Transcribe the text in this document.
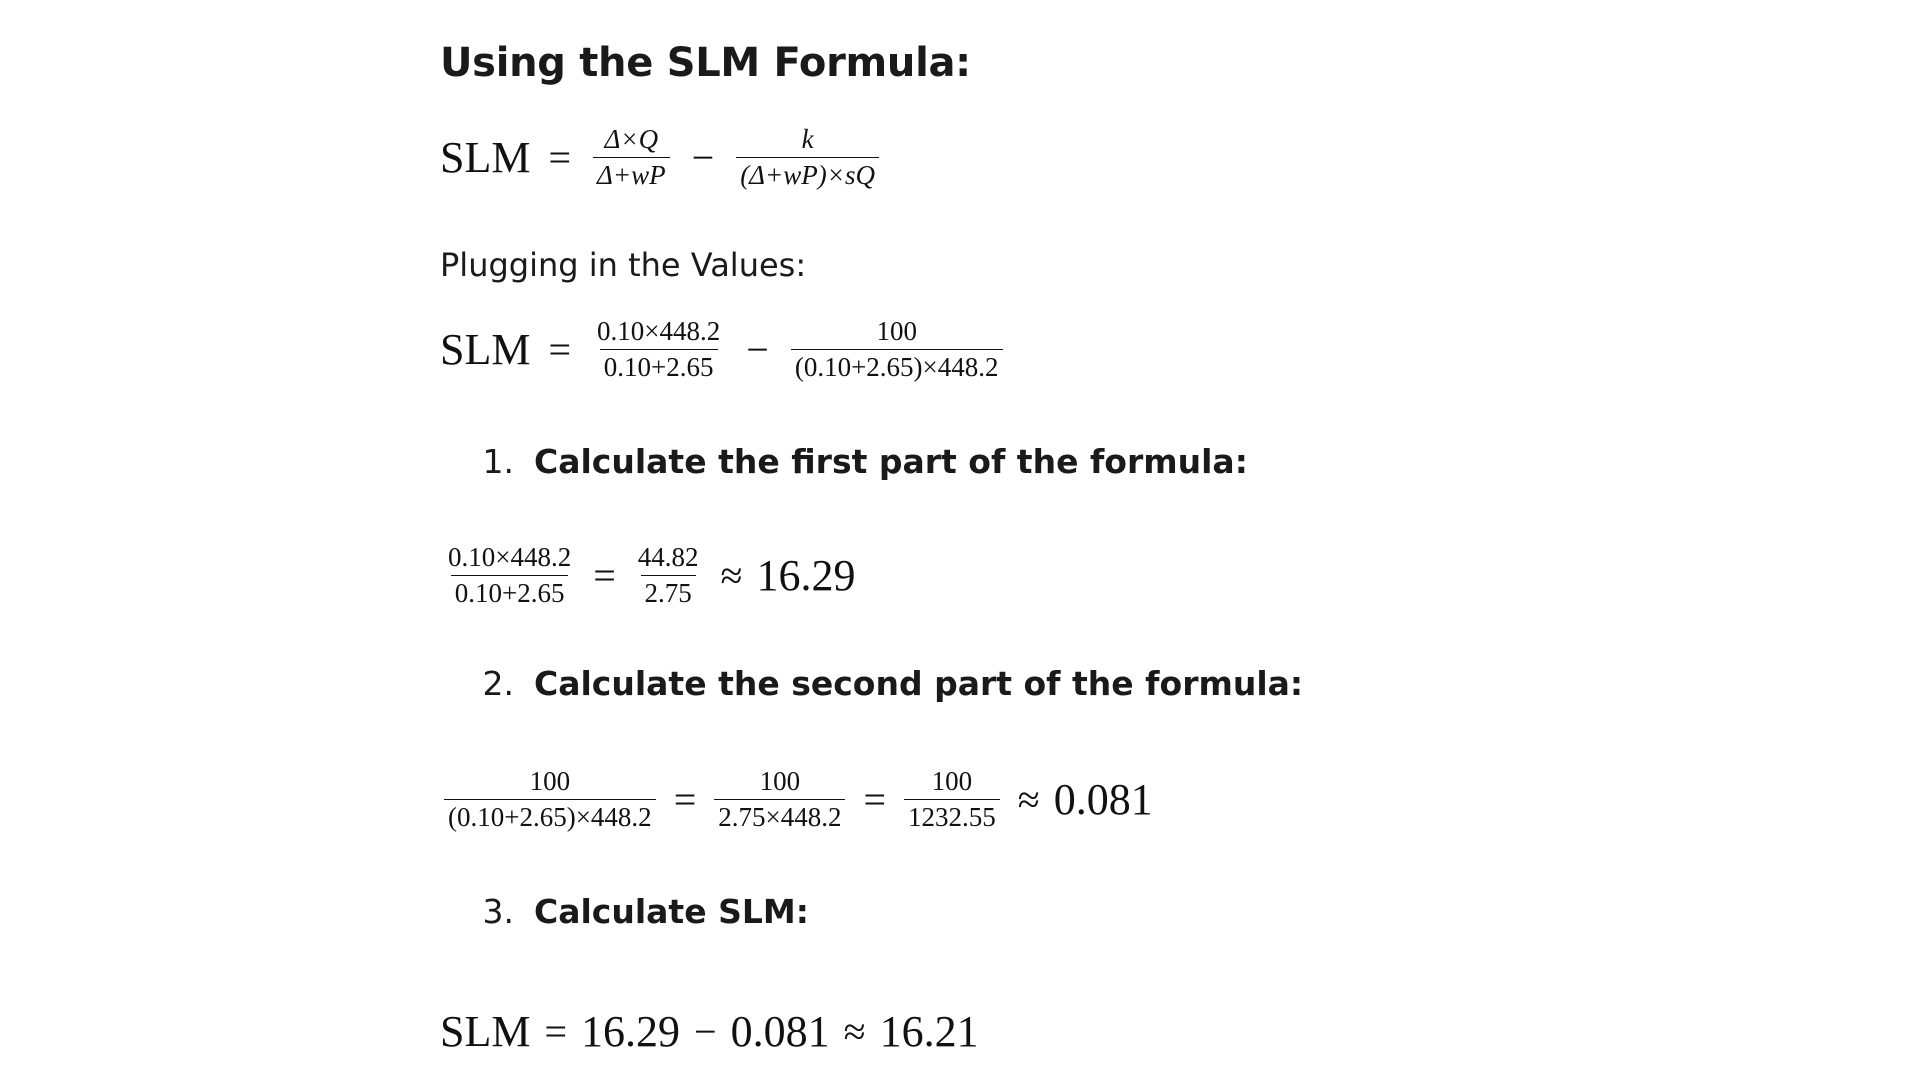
Using the SLM Formula:
SLM = $\frac{\Delta\times Q}{\Delta+wP} - \frac{k}{(\Delta+wP)\times sQ}$
Plugging in the Values:
SLM = $\frac{0.10\times 448.2}{0.10+2.65} - \frac{100}{(0.10+2.65)\times 448.2}$
1. Calculate the first part of the formula:
$\frac{0.10\times 448.2}{0.10+2.65} = \frac{44.82}{2.75} \approx 16.29$
2. Calculate the second part of the formula:
$\frac{100}{(0.10+2.65)\times 448.2} = \frac{100}{2.75\times 448.2} = \frac{100}{1232.55} \approx 0.081$
3. Calculate SLM:
SLM = 16.29 − 0.081 ≈ 16.21
